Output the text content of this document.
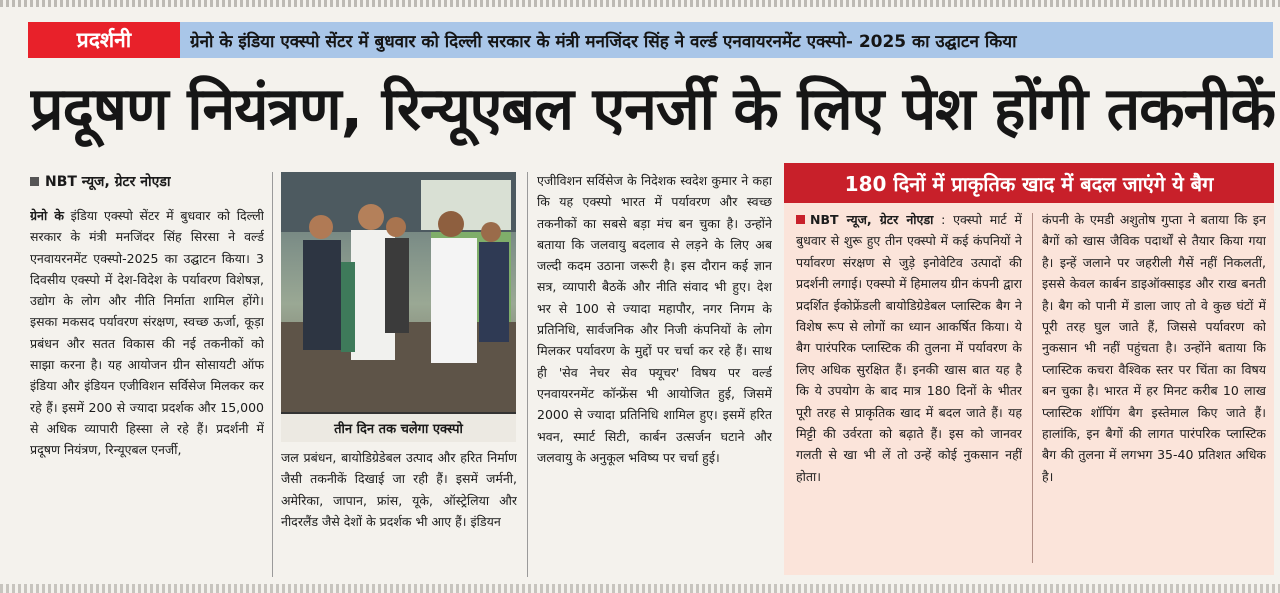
प्रदर्शनी	ग्रेनो के इंडिया एक्स्पो सेंटर में बुधवार को दिल्ली सरकार के मंत्री मनजिंदर सिंह ने वर्ल्ड एनवायरनमेंट एक्स्पो- 2025 का उद्घाटन किया
प्रदूषण नियंत्रण, रिन्यूएबल एनर्जी के लिए पेश होंगी तकनीकें
NBT न्यूज, ग्रेटर नोएडा
ग्रेनो के इंडिया एक्स्पो सेंटर में बुधवार को दिल्ली सरकार के मंत्री मनजिंदर सिंह सिरसा ने वर्ल्ड एनवायरनमेंट एक्स्पो-2025 का उद्घाटन किया। 3 दिवसीय एक्स्पो में देश-विदेश के पर्यावरण विशेषज्ञ, उद्योग के लोग और नीति निर्माता शामिल होंगे। इसका मकसद पर्यावरण संरक्षण, स्वच्छ ऊर्जा, कूड़ा प्रबंधन और सतत विकास की नई तकनीकों को साझा करना है। यह आयोजन ग्रीन सोसायटी ऑफ इंडिया और इंडियन एजीविशन सर्विसेज मिलकर कर रहे हैं। इसमें 200 से ज्यादा प्रदर्शक और 15,000 से अधिक व्यापारी हिस्सा ले रहे हैं। प्रदर्शनी में प्रदूषण नियंत्रण, रिन्यूएबल एनर्जी,
तीन दिन तक चलेगा एक्स्पो
जल प्रबंधन, बायोडिग्रेडेबल उत्पाद और हरित निर्माण जैसी तकनीकें दिखाई जा रही हैं। इसमें जर्मनी, अमेरिका, जापान, फ्रांस, यूके, ऑस्ट्रेलिया और नीदरलैंड जैसे देशों के प्रदर्शक भी आए हैं। इंडियन
एजीविशन सर्विसेज के निदेशक स्वदेश कुमार ने कहा कि यह एक्स्पो भारत में पर्यावरण और स्वच्छ तकनीकों का सबसे बड़ा मंच बन चुका है। उन्होंने बताया कि जलवायु बदलाव से लड़ने के लिए अब जल्दी कदम उठाना जरूरी है। इस दौरान कई ज्ञान सत्र, व्यापारी बैठकें और नीति संवाद भी हुए। देश भर से 100 से ज्यादा महापौर, नगर निगम के प्रतिनिधि, सार्वजनिक और निजी कंपनियों के लोग मिलकर पर्यावरण के मुद्दों पर चर्चा कर रहे हैं। साथ ही 'सेव नेचर सेव फ्यूचर' विषय पर वर्ल्ड एनवायरनमेंट कॉन्फ्रेंस भी आयोजित हुई, जिसमें 2000 से ज्यादा प्रतिनिधि शामिल हुए। इसमें हरित भवन, स्मार्ट सिटी, कार्बन उत्सर्जन घटाने और जलवायु के अनुकूल भविष्य पर चर्चा हुई।
180 दिनों में प्राकृतिक खाद में बदल जाएंगे ये बैग
NBT न्यूज, ग्रेटर नोएडा : एक्स्पो मार्ट में बुधवार से शुरू हुए तीन एक्स्पो में कई कंपनियों ने पर्यावरण संरक्षण से जुड़े इनोवेटिव उत्पादों की प्रदर्शनी लगाई। एक्स्पो में हिमालय ग्रीन कंपनी द्वारा प्रदर्शित ईकोफ्रेंडली बायोडिग्रेडेबल प्लास्टिक बैग ने विशेष रूप से लोगों का ध्यान आकर्षित किया। ये बैग पारंपरिक प्लास्टिक की तुलना में पर्यावरण के लिए अधिक सुरक्षित हैं। इनकी खास बात यह है कि ये उपयोग के बाद मात्र 180 दिनों के भीतर पूरी तरह से प्राकृतिक खाद में बदल जाते हैं। यह मिट्टी की उर्वरता को बढ़ाते हैं। इस को जानवर गलती से खा भी लें तो उन्हें कोई नुकसान नहीं होता।
कंपनी के एमडी अशुतोष गुप्ता ने बताया कि इन बैगों को खास जैविक पदार्थों से तैयार किया गया है। इन्हें जलाने पर जहरीली गैसें नहीं निकलतीं, इससे केवल कार्बन डाइऑक्साइड और राख बनती है। बैग को पानी में डाला जाए तो वे कुछ घंटों में पूरी तरह घुल जाते हैं, जिससे पर्यावरण को नुकसान भी नहीं पहुंचता है। उन्होंने बताया कि प्लास्टिक कचरा वैश्विक स्तर पर चिंता का विषय बन चुका है। भारत में हर मिनट करीब 10 लाख प्लास्टिक शॉपिंग बैग इस्तेमाल किए जाते हैं। हालांकि, इन बैगों की लागत पारंपरिक प्लास्टिक बैग की तुलना में लगभग 35-40 प्रतिशत अधिक है।
